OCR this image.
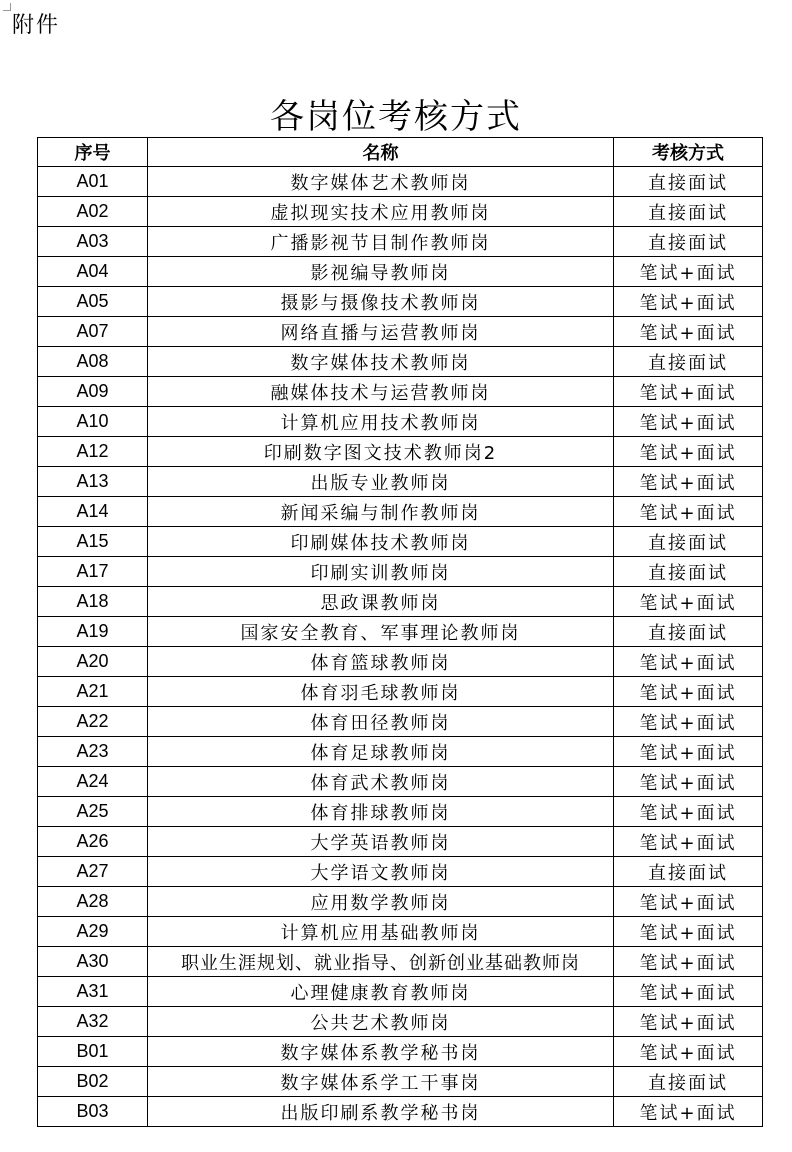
附件
各岗位考核方式
序号	名称	考核方式
A01	数字媒体艺术教师岗	直接面试
A02	虚拟现实技术应用教师岗	直接面试
A03	广播影视节目制作教师岗	直接面试
A04	影视编导教师岗	笔试+面试
A05	摄影与摄像技术教师岗	笔试+面试
A07	网络直播与运营教师岗	笔试+面试
A08	数字媒体技术教师岗	直接面试
A09	融媒体技术与运营教师岗	笔试+面试
A10	计算机应用技术教师岗	笔试+面试
A12	印刷数字图文技术教师岗2	笔试+面试
A13	出版专业教师岗	笔试+面试
A14	新闻采编与制作教师岗	笔试+面试
A15	印刷媒体技术教师岗	直接面试
A17	印刷实训教师岗	直接面试
A18	思政课教师岗	笔试+面试
A19	国家安全教育、军事理论教师岗	直接面试
A20	体育篮球教师岗	笔试+面试
A21	体育羽毛球教师岗	笔试+面试
A22	体育田径教师岗	笔试+面试
A23	体育足球教师岗	笔试+面试
A24	体育武术教师岗	笔试+面试
A25	体育排球教师岗	笔试+面试
A26	大学英语教师岗	笔试+面试
A27	大学语文教师岗	直接面试
A28	应用数学教师岗	笔试+面试
A29	计算机应用基础教师岗	笔试+面试
A30	职业生涯规划、就业指导、创新创业基础教师岗	笔试+面试
A31	心理健康教育教师岗	笔试+面试
A32	公共艺术教师岗	笔试+面试
B01	数字媒体系教学秘书岗	笔试+面试
B02	数字媒体系学工干事岗	直接面试
B03	出版印刷系教学秘书岗	笔试+面试
